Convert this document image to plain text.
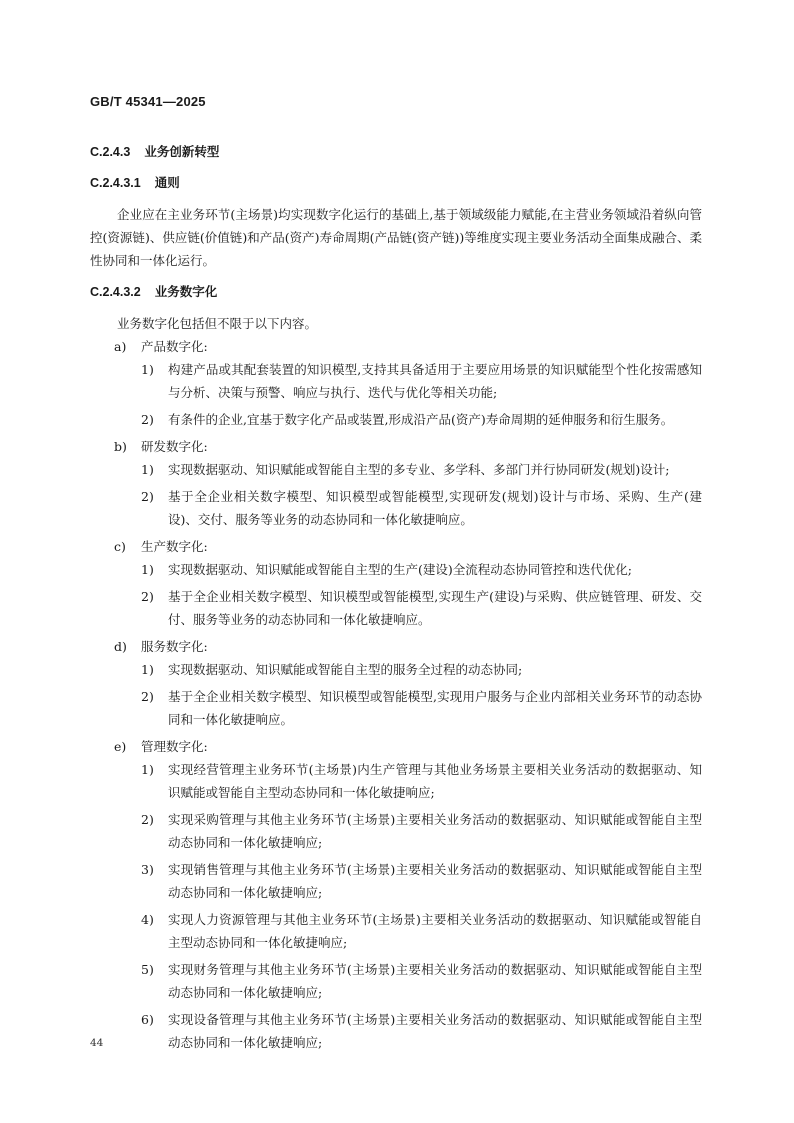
GB/T 45341—2025
C.2.4.3 业务创新转型
C.2.4.3.1 通则

企业应在主业务环节(主场景)均实现数字化运行的基础上,基于领域级能力赋能,在主营业务领域沿着纵向管控(资源链)、供应链(价值链)和产品(资产)寿命周期(产品链(资产链))等维度实现主要业务活动全面集成融合、柔性协同和一体化运行。

C.2.4.3.2 业务数字化

业务数字化包括但不限于以下内容。

a) 产品数字化:
1) 构建产品或其配套装置的知识模型,支持其具备适用于主要应用场景的知识赋能型个性化按需感知与分析、决策与预警、响应与执行、迭代与优化等相关功能;
2) 有条件的企业,宜基于数字化产品或装置,形成沿产品(资产)寿命周期的延伸服务和衍生服务。
b) 研发数字化:
1) 实现数据驱动、知识赋能或智能自主型的多专业、多学科、多部门并行协同研发(规划)设计;
2) 基于全企业相关数字模型、知识模型或智能模型,实现研发(规划)设计与市场、采购、生产(建设)、交付、服务等业务的动态协同和一体化敏捷响应。
c) 生产数字化:
1) 实现数据驱动、知识赋能或智能自主型的生产(建设)全流程动态协同管控和迭代优化;
2) 基于全企业相关数字模型、知识模型或智能模型,实现生产(建设)与采购、供应链管理、研发、交付、服务等业务的动态协同和一体化敏捷响应。
d) 服务数字化:
1) 实现数据驱动、知识赋能或智能自主型的服务全过程的动态协同;
2) 基于全企业相关数字模型、知识模型或智能模型,实现用户服务与企业内部相关业务环节的动态协同和一体化敏捷响应。
e) 管理数字化:
1) 实现经营管理主业务环节(主场景)内生产管理与其他业务场景主要相关业务活动的数据驱动、知识赋能或智能自主型动态协同和一体化敏捷响应;
2) 实现采购管理与其他主业务环节(主场景)主要相关业务活动的数据驱动、知识赋能或智能自主型动态协同和一体化敏捷响应;
3) 实现销售管理与其他主业务环节(主场景)主要相关业务活动的数据驱动、知识赋能或智能自主型动态协同和一体化敏捷响应;
4) 实现人力资源管理与其他主业务环节(主场景)主要相关业务活动的数据驱动、知识赋能或智能自主型动态协同和一体化敏捷响应;
5) 实现财务管理与其他主业务环节(主场景)主要相关业务活动的数据驱动、知识赋能或智能自主型动态协同和一体化敏捷响应;
6) 实现设备管理与其他主业务环节(主场景)主要相关业务活动的数据驱动、知识赋能或智能自主型动态协同和一体化敏捷响应;
44
